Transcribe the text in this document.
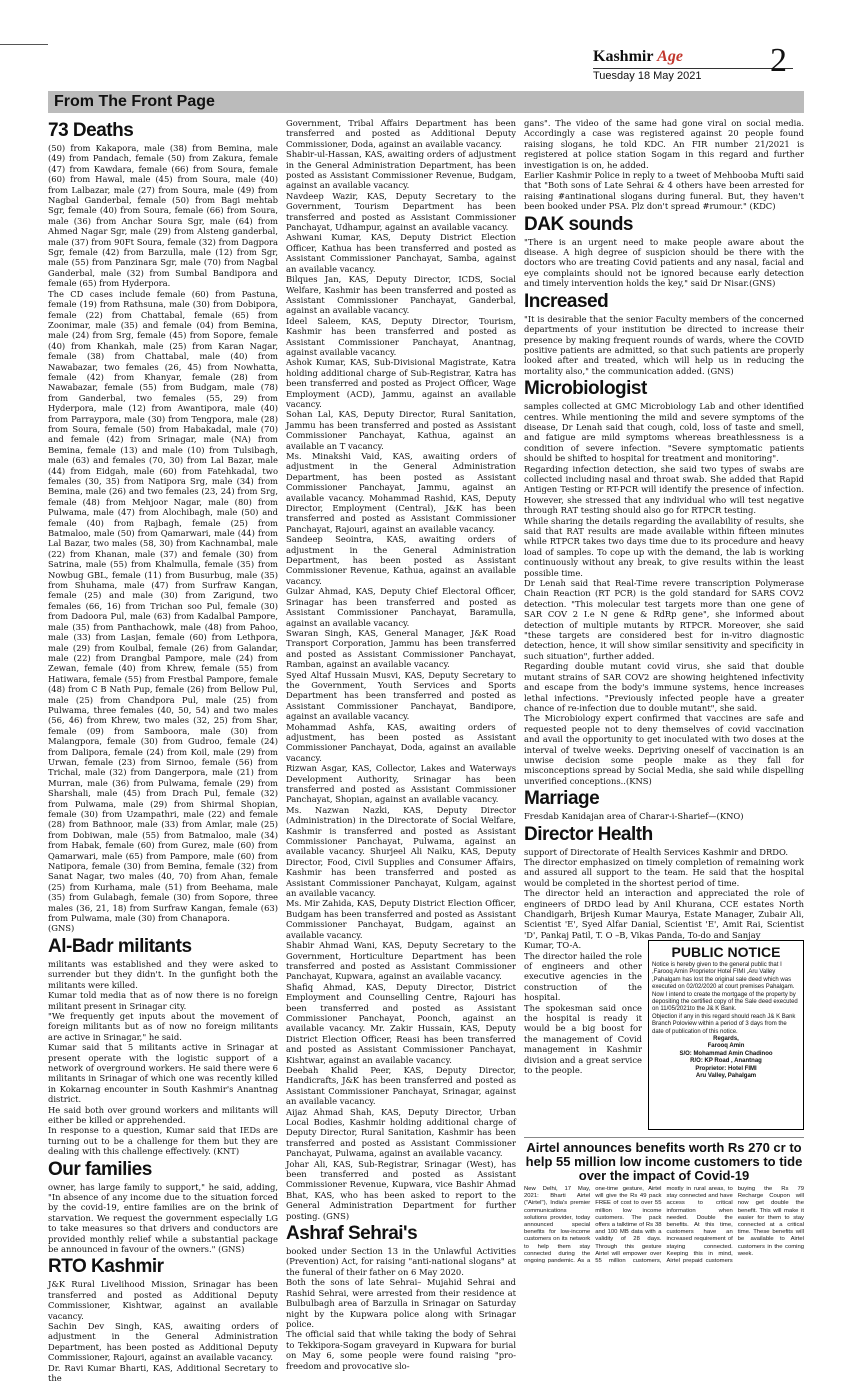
Kashmir Age
Tuesday 18 May 2021	2
From The Front Page
73 Deaths

(50) from Kakapora, male (38) from Bemina, male (49) from Pandach, female (50) from Zakura, female (47) from Kawdara, female (66) from Soura, female (60) from Hawal, male (45) from Soura, male (40) from Lalbazar, male (27) from Soura, male (49) from Nagbal Ganderbal, female (50) from Bagi mehtab Sgr, female (40) from Soura, female (66) from Soura, male (36) from Anchar Soura Sgr, male (64) from Ahmed Nagar Sgr, male (29) from Alsteng ganderbal, male (37) from 90Ft Soura, female (32) from Dagpora Sgr, female (42) from Barzulla, male (12) from Sgr, male (55) from Panzinara Sgr, male (70) from Nagbal Ganderbal, male (32) from Sumbal Bandipora and female (65) from Hyderpora.

The CD cases include female (60) from Pastuna, female (19) from Rathsuna, male (30) from Dobipora, female (22) from Chattabal, female (65) from Zoonimar, male (35) and female (04) from Bemina, male (24) from Srg, female (45) from Sopore, female (40) from Khankah, male (25) from Karan Nagar, female (38) from Chattabal, male (40) from Nawabazar, two females (26, 45) from Nowhatta, female (42) from Khanyar, female (28) from Nawabazar, female (55) from Budgam, male (78) from Ganderbal, two females (55, 29) from Hyderpora, male (12) from Awantipora, male (40) from Parraypora, male (30) from Tengpora, male (28) from Soura, female (50) from Habakadal, male (70) and female (42) from Srinagar, male (NA) from Bemina, female (13) and male (10) from Tulsibagh, male (63) and females (70, 30) from Lal Bazar, male (44) from Eidgah, male (60) from Fatehkadal, two females (30, 35) from Natipora Srg, male (34) from Bemina, male (26) and two females (23, 24) from Srg, female (48) from Mehjoor Nagar, male (80) from Pulwama, male (47) from Alochibagh, male (50) and female (40) from Rajbagh, female (25) from Batmaloo, male (50) from Qamarwari, male (44) from Lal Bazar, two males (58, 30) from Kachnambal, male (22) from Khanan, male (37) and female (30) from Satrina, male (55) from Khalmulla, female (35) from Nowbug GBL, female (11) from Busurbug, male (35) from Shuhama, male (47) from Surfraw Kangan, female (25) and male (30) from Zarigund, two females (66, 16) from Trichan soo Pul, female (30) from Dadoora Pul, male (63) from Kadalbal Pampore, male (35) from Panthachowk, male (48) from Pahoo, male (33) from Lasjan, female (60) from Lethpora, male (29) from Koulbal, female (26) from Galandar, male (22) from Drangbal Pampore, male (24) from Zewan, female (40) from Khrew, female (55) from Hatiwara, female (55) from Frestbal Pampore, female (48) from C B Nath Pup, female (26) from Bellow Pul, male (25) from Chandpora Pul, male (25) from Pulwama, three females (40, 50, 54) and two males (56, 46) from Khrew, two males (32, 25) from Shar, female (09) from Samboora, male (30) from Malangpora, female (30) from Gudroo, female (24) from Dalipora, female (24) from Koil, male (29) from Urwan, female (23) from Sirnoo, female (56) from Trichal, male (32) from Dangerpora, male (21) from Murran, male (36) from Pulwama, female (29) from Sharshali, male (45) from Drach Pul, female (32) from Pulwama, male (29) from Shirmal Shopian, female (30) from Uzampathri, male (22) and female (28) from Bathnoor, male (33) from Amlar, male (25) from Dobiwan, male (55) from Batmaloo, male (34) from Habak, female (60) from Gurez, male (60) from Qamarwari, male (65) from Pampore, male (60) from Natipora, female (30) from Bemina, female (32) from Sanat Nagar, two males (40, 70) from Ahan, female (25) from Kurhama, male (51) from Beehama, male (35) from Gulabagh, female (30) from Sopore, three males (36, 21, 18) from Surfraw Kangan, female (63) from Pulwama, male (30) from Chanapora.

(GNS)

Al-Badr militants

militants was established and they were asked to surrender but they didn't. In the gunfight both the militants were killed.

Kumar told media that as of now there is no foreign militant present in Srinagar city.

"We frequently get inputs about the movement of foreign militants but as of now no foreign militants are active in Srinagar," he said.

Kumar said that 5 militants active in Srinagar at present operate with the logistic support of a network of overground workers. He said there were 6 militants in Srinagar of which one was recently killed in Kokarnag encounter in South Kashmir's Anantnag district.

He said both over ground workers and militants will either be killed or apprehended.

In response to a question, Kumar said that IEDs are turning out to be a challenge for them but they are dealing with this challenge effectively. (KNT)

Our families

owner, has large family to support," he said, adding, "In absence of any income due to the situation forced by the covid-19, entire families are on the brink of starvation. We request the government especially LG to take measures so that drivers and conductors are provided monthly relief while a substantial package be announced in favour of the owners." (GNS)

RTO Kashmir

J&K Rural Livelihood Mission, Srinagar has been transferred and posted as Additional Deputy Commissioner, Kishtwar, against an available vacancy.

Sachin Dev Singh, KAS, awaiting orders of adjustment in the General Administration Department, has been posted as Additional Deputy Commissioner, Rajouri, against an available vacancy.

Dr. Ravi Kumar Bharti, KAS, Additional Secretary to the

Government, Tribal Affairs Department has been transferred and posted as Additional Deputy Commissioner, Doda, against an available vacancy.

Shabir-ul-Hassan, KAS, awaiting orders of adjustment in the General Administration Department, has been posted as Assistant Commissioner Revenue, Budgam, against an available vacancy.

Navdeep Wazir, KAS, Deputy Secretary to the Government, Tourism Department has been transferred and posted as Assistant Commissioner Panchayat, Udhampur, against an available vacancy.

Ashwani Kumar, KAS, Deputy District Election Officer, Kathua has been transferred and posted as Assistant Commissioner Panchayat, Samba, against an available vacancy.

Bilques Jan, KAS, Deputy Director, ICDS, Social Welfare, Kashmir has been transferred and posted as Assistant Commissioner Panchayat, Ganderbal, against an available vacancy.

Ideel Saleem, KAS, Deputy Director, Tourism, Kashmir has been transferred and posted as Assistant Commissioner Panchayat, Anantnag, against available vacancy.

Ashok Kumar, KAS, Sub-Divisional Magistrate, Katra holding additional charge of Sub-Registrar, Katra has been transferred and posted as Project Officer, Wage Employment (ACD), Jammu, against an available vacancy.

Sohan Lal, KAS, Deputy Director, Rural Sanitation, Jammu has been transferred and posted as Assistant Commissioner Panchayat, Kathua, against an available an T vacancy.

Ms. Minakshi Vaid, KAS, awaiting orders of adjustment in the General Administration Department, has been posted as Assistant Commissioner Panchayat, Jammu, against an available vacancy. Mohammad Rashid, KAS, Deputy Director, Employment (Central), J&K has been transferred and posted as Assistant Commissioner Panchayat, Rajouri, against an available vacancy.

Sandeep Seointra, KAS, awaiting orders of adjustment in the General Administration Department, has been posted as Assistant Commissioner Revenue, Kathua, against an available vacancy.

Gulzar Ahmad, KAS, Deputy Chief Electoral Officer, Srinagar has been transferred and posted as Assistant Commissioner Panchayat, Baramulla, against an available vacancy.

Swaran Singh, KAS, General Manager, J&K Road Transport Corporation, Jammu has been transferred and posted as Assistant Commissioner Panchayat, Ramban, against an available vacancy.

Syed Altaf Hussain Musvi, KAS, Deputy Secretary to the Government, Youth Services and Sports Department has been transferred and posted as Assistant Commissioner Panchayat, Bandipore, against an available vacancy.

Mohammad Ashfa, KAS, awaiting orders of adjustment, has been posted as Assistant Commissioner Panchayat, Doda, against an available vacancy.

Rizwan Asgar, KAS, Collector, Lakes and Waterways Development Authority, Srinagar has been transferred and posted as Assistant Commissioner Panchayat, Shopian, against an available vacancy.

Ms. Nazwan Nazki, KAS, Deputy Director (Administration) in the Directorate of Social Welfare, Kashmir is transferred and posted as Assistant Commissioner Panchayat, Pulwama, against an available vacancy. Shurjeel Ali Naiku, KAS, Deputy Director, Food, Civil Supplies and Consumer Affairs, Kashmir has been transferred and posted as Assistant Commissioner Panchayat, Kulgam, against an available vacancy.

Ms. Mir Zahida, KAS, Deputy District Election Officer, Budgam has been transferred and posted as Assistant Commissioner Panchayat, Budgam, against an available vacancy.

Shabir Ahmad Wani, KAS, Deputy Secretary to the Government, Horticulture Department has been transferred and posted as Assistant Commissioner Panchayat, Kupwara, against an available vacancy.

Shafiq Ahmad, KAS, Deputy Director, District Employment and Counselling Centre, Rajouri has been transferred and posted as Assistant Commissioner Panchayat, Poonch, against an available vacancy. Mr. Zakir Hussain, KAS, Deputy District Election Officer, Reasi has been transferred and posted as Assistant Commissioner Panchayat, Kishtwar, against an available vacancy.

Deebah Khalid Peer, KAS, Deputy Director, Handicrafts, J&K has been transferred and posted as Assistant Commissioner Panchayat, Srinagar, against an available vacancy.

Aijaz Ahmad Shah, KAS, Deputy Director, Urban Local Bodies, Kashmir holding additional charge of Deputy Director, Rural Sanitation, Kashmir has been transferred and posted as Assistant Commissioner Panchayat, Pulwama, against an available vacancy.

Johar Ali, KAS, Sub-Registrar, Srinagar (West), has been transferred and posted as Assistant Commissioner Revenue, Kupwara, vice Bashir Ahmad Bhat, KAS, who has been asked to report to the General Administration Department for further posting. (GNS)

Ashraf Sehrai's

booked under Section 13 in the Unlawful Activities (Prevention) Act, for raising "anti-national slogans" at the funeral of their father on 6 May 2020.

Both the sons of late Sehrai– Mujahid Sehrai and Rashid Sehrai, were arrested from their residence at Bulbulbagh area of Barzulla in Srinagar on Saturday night by the Kupwara police along with Srinagar police.

The official said that while taking the body of Sehrai to Tekkipora-Sogam graveyard in Kupwara for burial on May 6, some people were found raising "pro-freedom and provocative slo-

gans". The video of the same had gone viral on social media. Accordingly a case was registered against 20 people found raising slogans, he told KDC. An FIR number 21/2021 is registered at police station Sogam in this regard and further investigation is on, he added.

Earlier Kashmir Police in reply to a tweet of Mehbooba Mufti said that "Both sons of Late Sehrai & 4 others have been arrested for raising #antinational slogans during funeral. But, they haven't been booked under PSA. Plz don't spread #rumour." (KDC)

DAK sounds

"There is an urgent need to make people aware about the disease. A high degree of suspicion should be there with the doctors who are treating Covid patients and any nasal, facial and eye complaints should not be ignored because early detection and timely intervention holds the key," said Dr Nisar.(GNS)

Increased

"It is desirable that the senior Faculty members of the concerned departments of your institution be directed to increase their presence by making frequent rounds of wards, where the COVID positive patients are admitted, so that such patients are properly looked after and treated, which will help us in reducing the mortality also," the communication added. (GNS)

Microbiologist

samples collected at GMC Microbiology Lab and other identified centres. While mentioning the mild and severe symptoms of the disease, Dr Lenah said that cough, cold, loss of taste and smell, and fatigue are mild symptoms whereas breathlessness is a condition of severe infection. "Severe symptomatic patients should be shifted to hospital for treatment and monitoring".

Regarding infection detection, she said two types of swabs are collected including nasal and throat swab. She added that Rapid Antigen Testing or RT-PCR will identify the presence of infection. However, she stressed that any individual who will test negative through RAT testing should also go for RTPCR testing.

While sharing the details regarding the availability of results, she said that RAT results are made available within fifteen minutes while RTPCR takes two days time due to its procedure and heavy load of samples. To cope up with the demand, the lab is working continuously without any break, to give results within the least possible time.

Dr Lenah said that Real-Time revere transcription Polymerase Chain Reaction (RT PCR) is the gold standard for SARS COV2 detection. "This molecular test targets more than one gene of SAR COV 2 I.e N gene & RdRp gene", she informed about detection of multiple mutants by RTPCR. Moreover, she said "these targets are considered best for in-vitro diagnostic detection, hence, it will show similar sensitivity and specificity in such situation", further added.

Regarding double mutant covid virus, she said that double mutant strains of SAR COV2 are showing heightened infectivity and escape from the body's immune systems, hence increases lethal infections. "Previously infected people have a greater chance of re-infection due to double mutant", she said.

The Microbiology expert confirmed that vaccines are safe and requested people not to deny themselves of covid vaccination and avail the opportunity to get inoculated with two doses at the interval of twelve weeks. Depriving oneself of vaccination is an unwise decision some people make as they fall for misconceptions spread by Social Media, she said while dispelling unverified conceptions..(KNS)

Marriage

Fresdab Kanidajan area of Charar-i-Sharief—(KNO)

Director Health

support of Directorate of Health Services Kashmir and DRDO.

The director emphasized on timely completion of remaining work and assured all support to the team. He said that the hospital would be completed in the shortest period of time.

The director held an interaction and appreciated the role of engineers of DRDO lead by Anil Khurana, CCE estates North Chandigarh, Brijesh Kumar Maurya, Estate Manager, Zubair Ali, Scientist 'E', Syed Alfar Danial, Scientist 'E', Amit Rai, Scientist 'D', Pankaj Patil, T. O –B, Vikas Panda, To-do and Sanjay

Kumar, TO-A.

The director hailed the role of engineers and other executive agencies in the construction of the hospital.

The spokesman said once the hospital is ready it would be a big boost for the management of Covid management in Kashmir division and a great service to the people.

PUBLIC NOTICE
Notice is hereby given to the general public that I ,Farooq Amin Proprietor Hotel FIMI ,Aru Valley ,Pahalgam has lost the original sale deed which was executed on 02/02/2020 at court premises Pahalgam.
Now I intend to create the mortgage of the property by depositing the certified copy of the Sale deed executed on 11/05/2021to the J& K Bank.
Objection if any in this regard should reach J& K Bank Branch Poloview within a period of 3 days from the date of publication of this notice.
Regards,
Farooq Amin
S/O: Mohammad Amin Chadinoo
R/O: KP Road , Anantnag
Proprietor: Hotel FIMI
Aru Valley, Pahalgam
Airtel announces benefits worth Rs 270 cr to help 55 million low income customers to tide over the impact of Covid-19
New Delhi, 17 May, 2021: Bharti Airtel ("Airtel"), India's premier communications solutions provider, today announced special benefits for low-income customers on its network to help them stay connected during the ongoing pandemic. As a one-time gesture, Airtel will give the Rs 49 pack FREE of cost to over 55 million low income customers. The pack offers a talktime of Rs 38 and 100 MB data with a validity of 28 days. Through this gesture Airtel will empower over 55 million customers, mostly in rural areas, to stay connected and have access to critical information when needed. Double the benefits. At this time, customers have an increased requirement of staying connected. Keeping this in mind, Airtel prepaid customers buying the Rs 79 Recharge Coupon will now get double the benefit. This will make it easier for them to stay connected at a critical time. These benefits will be available to Airtel customers in the coming week.
